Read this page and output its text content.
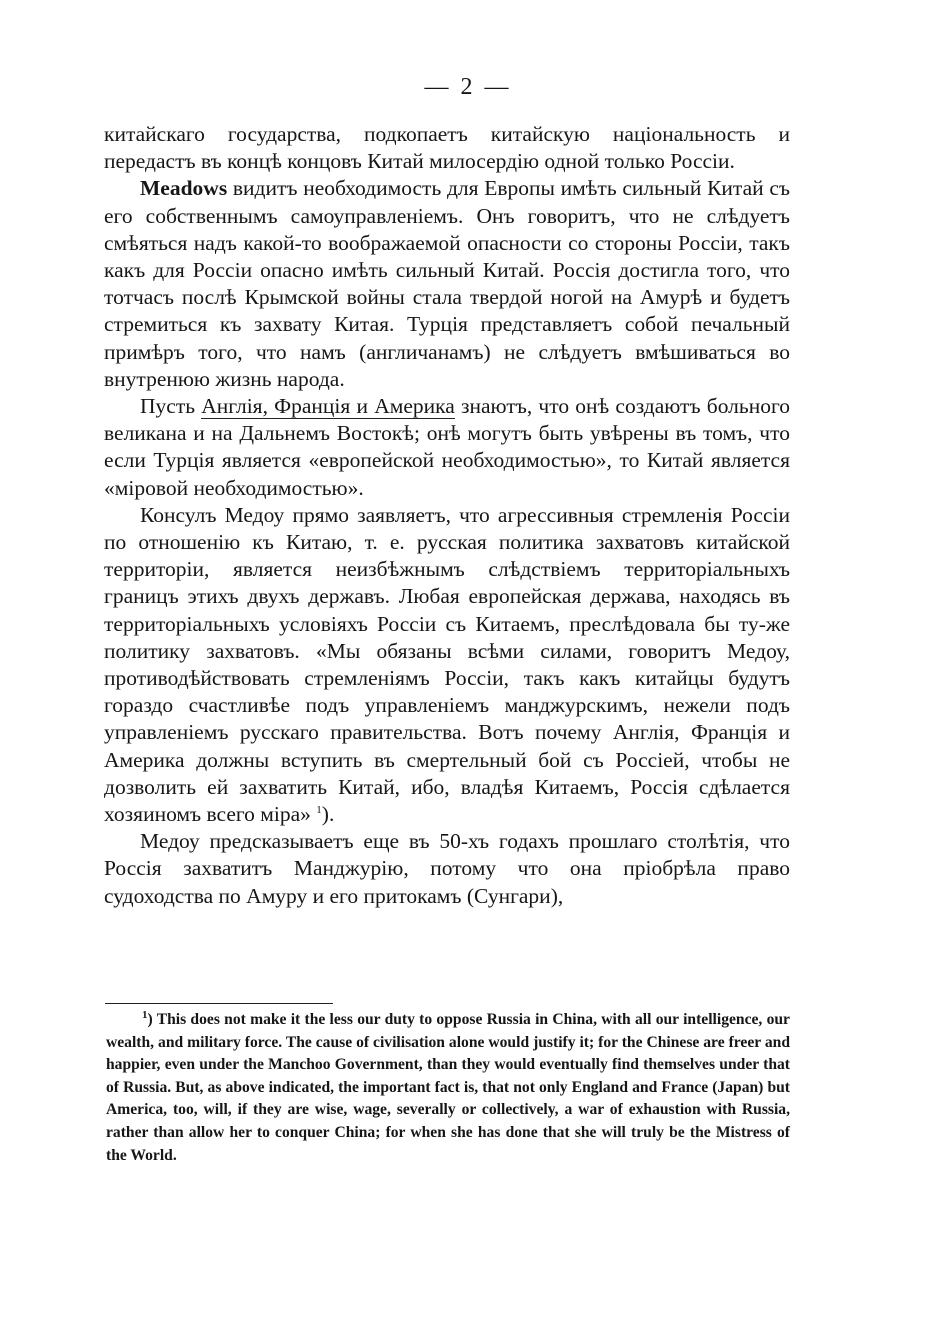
— 2 —

китайскаго государства, подкопаетъ китайскую національность и передастъ въ концѣ концовъ Китай милосердію одной только Россіи.

Meadows видитъ необходимость для Европы имѣть сильный Китай съ его собственнымъ самоуправленіемъ. Онъ говоритъ, что не слѣдуетъ смѣяться надъ какой-то воображаемой опасности со стороны Россіи, такъ какъ для Россіи опасно имѣть сильный Китай. Россія достигла того, что тотчасъ послѣ Крымской войны стала твердой ногой на Амурѣ и будетъ стремиться къ захвату Китая. Турція представляетъ собой печальный примѣръ того, что намъ (англичанамъ) не слѣдуетъ вмѣшиваться во внутренюю жизнь народа.

Пусть Англія, Франція и Америка знаютъ, что онѣ создаютъ больного великана и на Дальнемъ Востокѣ; онѣ могутъ быть увѣрены въ томъ, что если Турція является «европейской необходимостью», то Китай является «міровой необходимостью».

Консулъ Медоу прямо заявляетъ, что агрессивныя стремленія Россіи по отношенію къ Китаю, т. е. русская политика захватовъ китайской территоріи, является неизбѣжнымъ слѣдствіемъ территоріальныхъ границъ этихъ двухъ державъ. Любая европейская держава, находясь въ территоріальныхъ условіяхъ Россіи съ Китаемъ, преслѣдовала бы ту-же политику захватовъ. «Мы обязаны всѣми силами, говоритъ Медоу, противодѣйствовать стремленіямъ Россіи, такъ какъ китайцы будутъ гораздо счастливѣе подъ управленіемъ манджурскимъ, нежели подъ управленіемъ русскаго правительства. Вотъ почему Англія, Франція и Америка должны вступить въ смертельный бой съ Россіей, чтобы не дозволить ей захватить Китай, ибо, владѣя Китаемъ, Россія сдѣлается хозяиномъ всего міра» $^1$).

Медоу предсказываетъ еще въ 50-хъ годахъ прошлаго столѣтія, что Россія захватитъ Манджурію, потому что она пріобрѣла право судоходства по Амуру и его притокамъ (Сунгари),

$^1$) This does not make it the less our duty to oppose Russia in China, with all our intelligence, our wealth, and military force. The cause of civilisation alone would justify it; for the Chinese are freer and happier, even under the Manchoo Government, than they would eventually find themselves under that of Russia. But, as above indicated, the important fact is, that not only England and France (Japan) but America, too, will, if they are wise, wage, severally or collectively, a war of exhaustion with Russia, rather than allow her to conquer China; for when she has done that she will truly be the Mistress of the World.
